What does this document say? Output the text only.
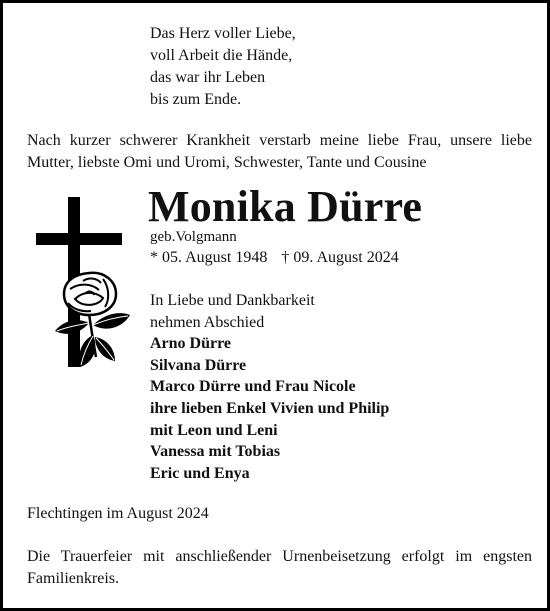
Das Herz voller Liebe,
voll Arbeit die Hände,
das war ihr Leben
bis zum Ende.
Nach kurzer schwerer Krankheit verstarb meine liebe Frau, unsere liebe Mutter, liebste Omi und Uromi, Schwester, Tante und Cousine
Monika Dürre
geb.Volgmann
* 05. August 1948 † 09. August 2024
In Liebe und Dankbarkeit
nehmen Abschied
Arno Dürre
Silvana Dürre
Marco Dürre und Frau Nicole
ihre lieben Enkel Vivien und Philip
mit Leon und Leni
Vanessa mit Tobias
Eric und Enya
Flechtingen im August 2024
Die Trauerfeier mit anschließender Urnenbeisetzung erfolgt im engsten Familienkreis.
